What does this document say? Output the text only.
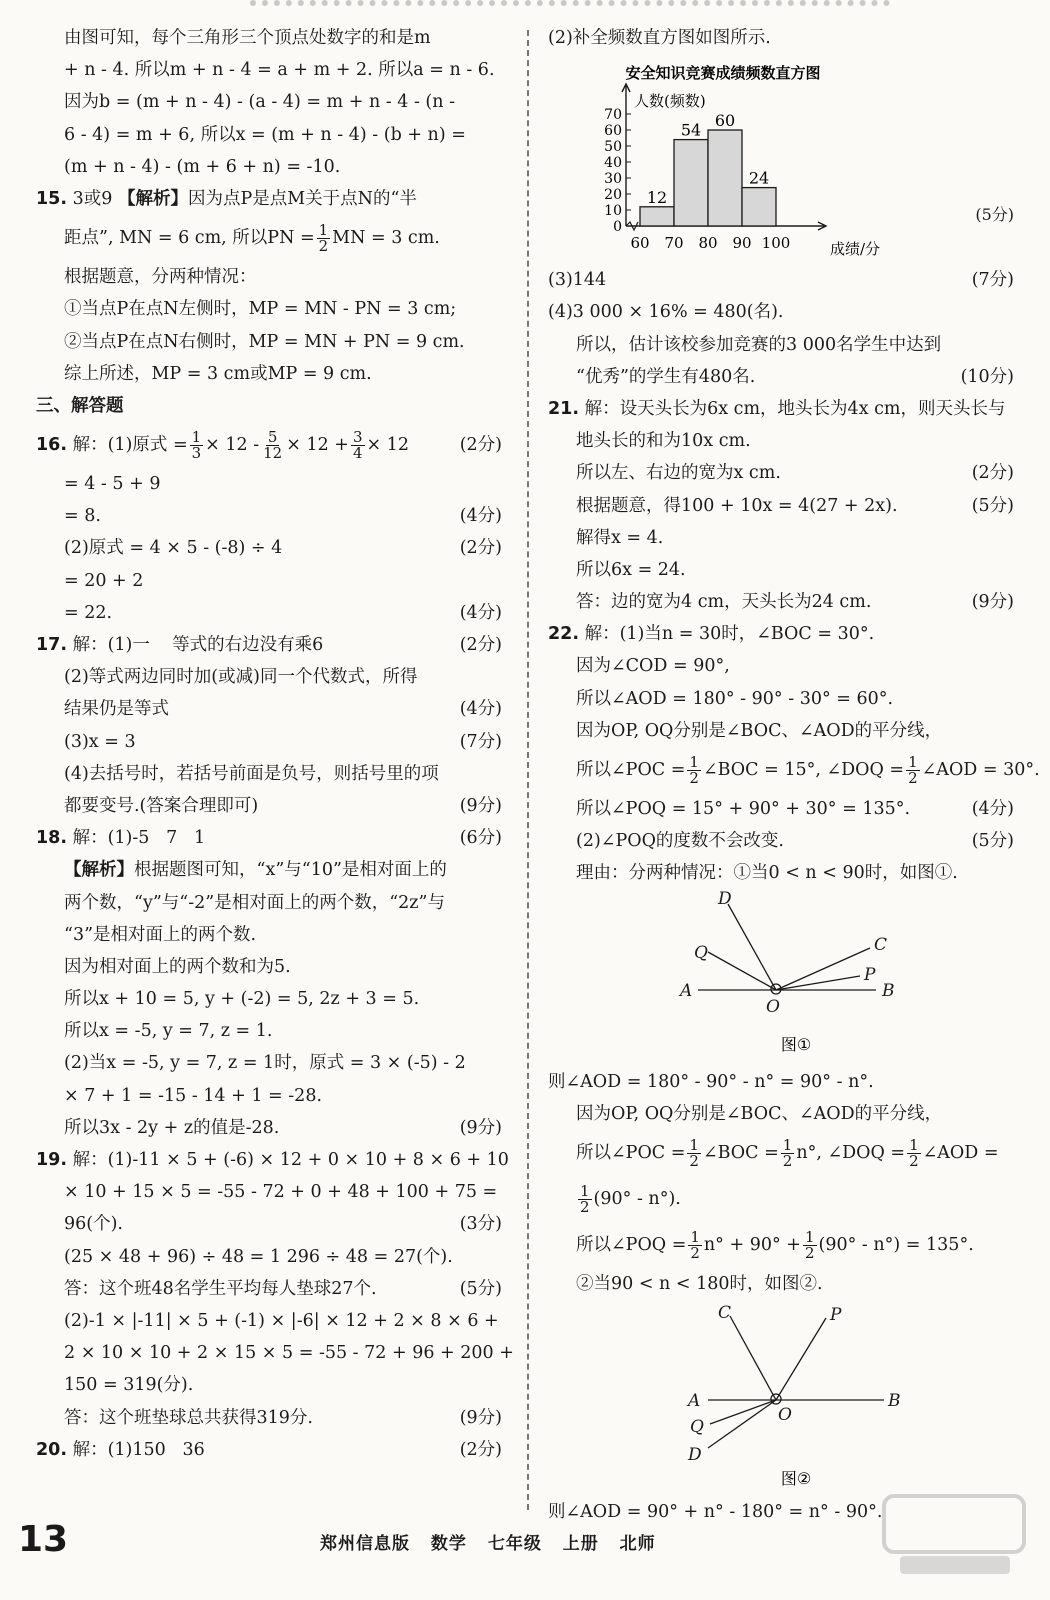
由图可知，每个三角形三个顶点处数字的和是m
+ n - 4. 所以m + n - 4 = a + m + 2. 所以a = n - 6.
因为b = (m + n - 4) - (a - 4) = m + n - 4 - (n -
6 - 4) = m + 6, 所以x = (m + n - 4) - (b + n) =
(m + n - 4) - (m + 6 + n) = -10.
15. 3或9 【解析】因为点P是点M关于点N的“半
距点”, MN = 6 cm, 所以PN = $\frac{1}{2}$ MN = 3 cm.
根据题意，分两种情况：
①当点P在点N左侧时，MP = MN - PN = 3 cm;
②当点P在点N右侧时，MP = MN + PN = 9 cm.
综上所述，MP = 3 cm或MP = 9 cm.
三、解答题
16. 解：(1)原式 = $\frac{1}{3} \times 12 - \frac{5}{12} \times 12 + \frac{3}{4} \times 12$	(2分)
= 4 - 5 + 9
= 8.	(4分)
(2)原式 = 4 × 5 - (-8) ÷ 4	(2分)
= 20 + 2
= 22.	(4分)
17. 解：(1)一    等式的右边没有乘6	(2分)
(2)等式两边同时加(或减)同一个代数式，所得
结果仍是等式	(4分)
(3)x = 3	(7分)
(4)去括号时，若括号前面是负号，则括号里的项
都要变号.(答案合理即可)	(9分)
18. 解：(1)-5   7   1	(6分)
【解析】根据题图可知，“x”与“10”是相对面上的
两个数，“y”与“-2”是相对面上的两个数，“2z”与
“3”是相对面上的两个数.
因为相对面上的两个数和为5.
所以x + 10 = 5, y + (-2) = 5, 2z + 3 = 5.
所以x = -5, y = 7, z = 1.
(2)当x = -5, y = 7, z = 1时，原式 = 3 × (-5) - 2
× 7 + 1 = -15 - 14 + 1 = -28.
所以3x - 2y + z的值是-28.	(9分)
19. 解：(1)-11 × 5 + (-6) × 12 + 0 × 10 + 8 × 6 + 10
× 10 + 15 × 5 = -55 - 72 + 0 + 48 + 100 + 75 =
96(个).	(3分)
(25 × 48 + 96) ÷ 48 = 1 296 ÷ 48 = 27(个).
答：这个班48名学生平均每人垫球27个.	(5分)
(2)-1 × |-11| × 5 + (-1) × |-6| × 12 + 2 × 8 × 6 +
2 × 10 × 10 + 2 × 15 × 5 = -55 - 72 + 96 + 200 +
150 = 319(分).
答：这个班垫球总共获得319分.	(9分)
20. 解：(1)150   36	(2分)
(2)补全频数直方图如图所示.
安全知识竞赛成绩频数直方图
人数(频数)
成绩/分
12
54
60
24
0
10
20
30
40
50
60
70
60 70 80 90 100
(5分)
(3)144	(7分)
(4)3 000 × 16% = 480(名).
所以，估计该校参加竞赛的3 000名学生中达到
“优秀”的学生有480名.	(10分)
21. 解：设天头长为6x cm，地头长为4x cm，则天头长与
地头长的和为10x cm.
所以左、右边的宽为x cm.	(2分)
根据题意，得100 + 10x = 4(27 + 2x).	(5分)
解得x = 4.
所以6x = 24.
答：边的宽为4 cm，天头长为24 cm.	(9分)
22. 解：(1)当n = 30时，∠BOC = 30°.
因为∠COD = 90°,
所以∠AOD = 180° - 90° - 30° = 60°.
因为OP, OQ分别是∠BOC、∠AOD的平分线，
所以∠POC = $\frac{1}{2}$ ∠BOC = 15°, ∠DOQ = $\frac{1}{2}$ ∠AOD = 30°.
所以∠POQ = 15° + 90° + 30° = 135°.	(4分)
(2)∠POQ的度数不会改变.	(5分)
理由：分两种情况：①当0 < n < 90时，如图①.
D
C
Q
P
A	B
O
图①
则∠AOD = 180° - 90° - n° = 90° - n°.
因为OP, OQ分别是∠BOC、∠AOD的平分线，
所以∠POC = $\frac{1}{2}$ ∠BOC = $\frac{1}{2} n^\circ$, ∠DOQ = $\frac{1}{2}$ ∠AOD =
$\frac{1}{2} (90^\circ - n^\circ)$.
所以∠POQ = $\frac{1}{2} n^\circ + 90^\circ + \frac{1}{2} (90^\circ - n^\circ) = 135^\circ$.
②当90 < n < 180时，如图②.
C	P
A	B
Q
D
O
图②
则∠AOD = 90° + n° - 180° = n° - 90°.
13	郑州信息版 数学 七年级 上册 北师
